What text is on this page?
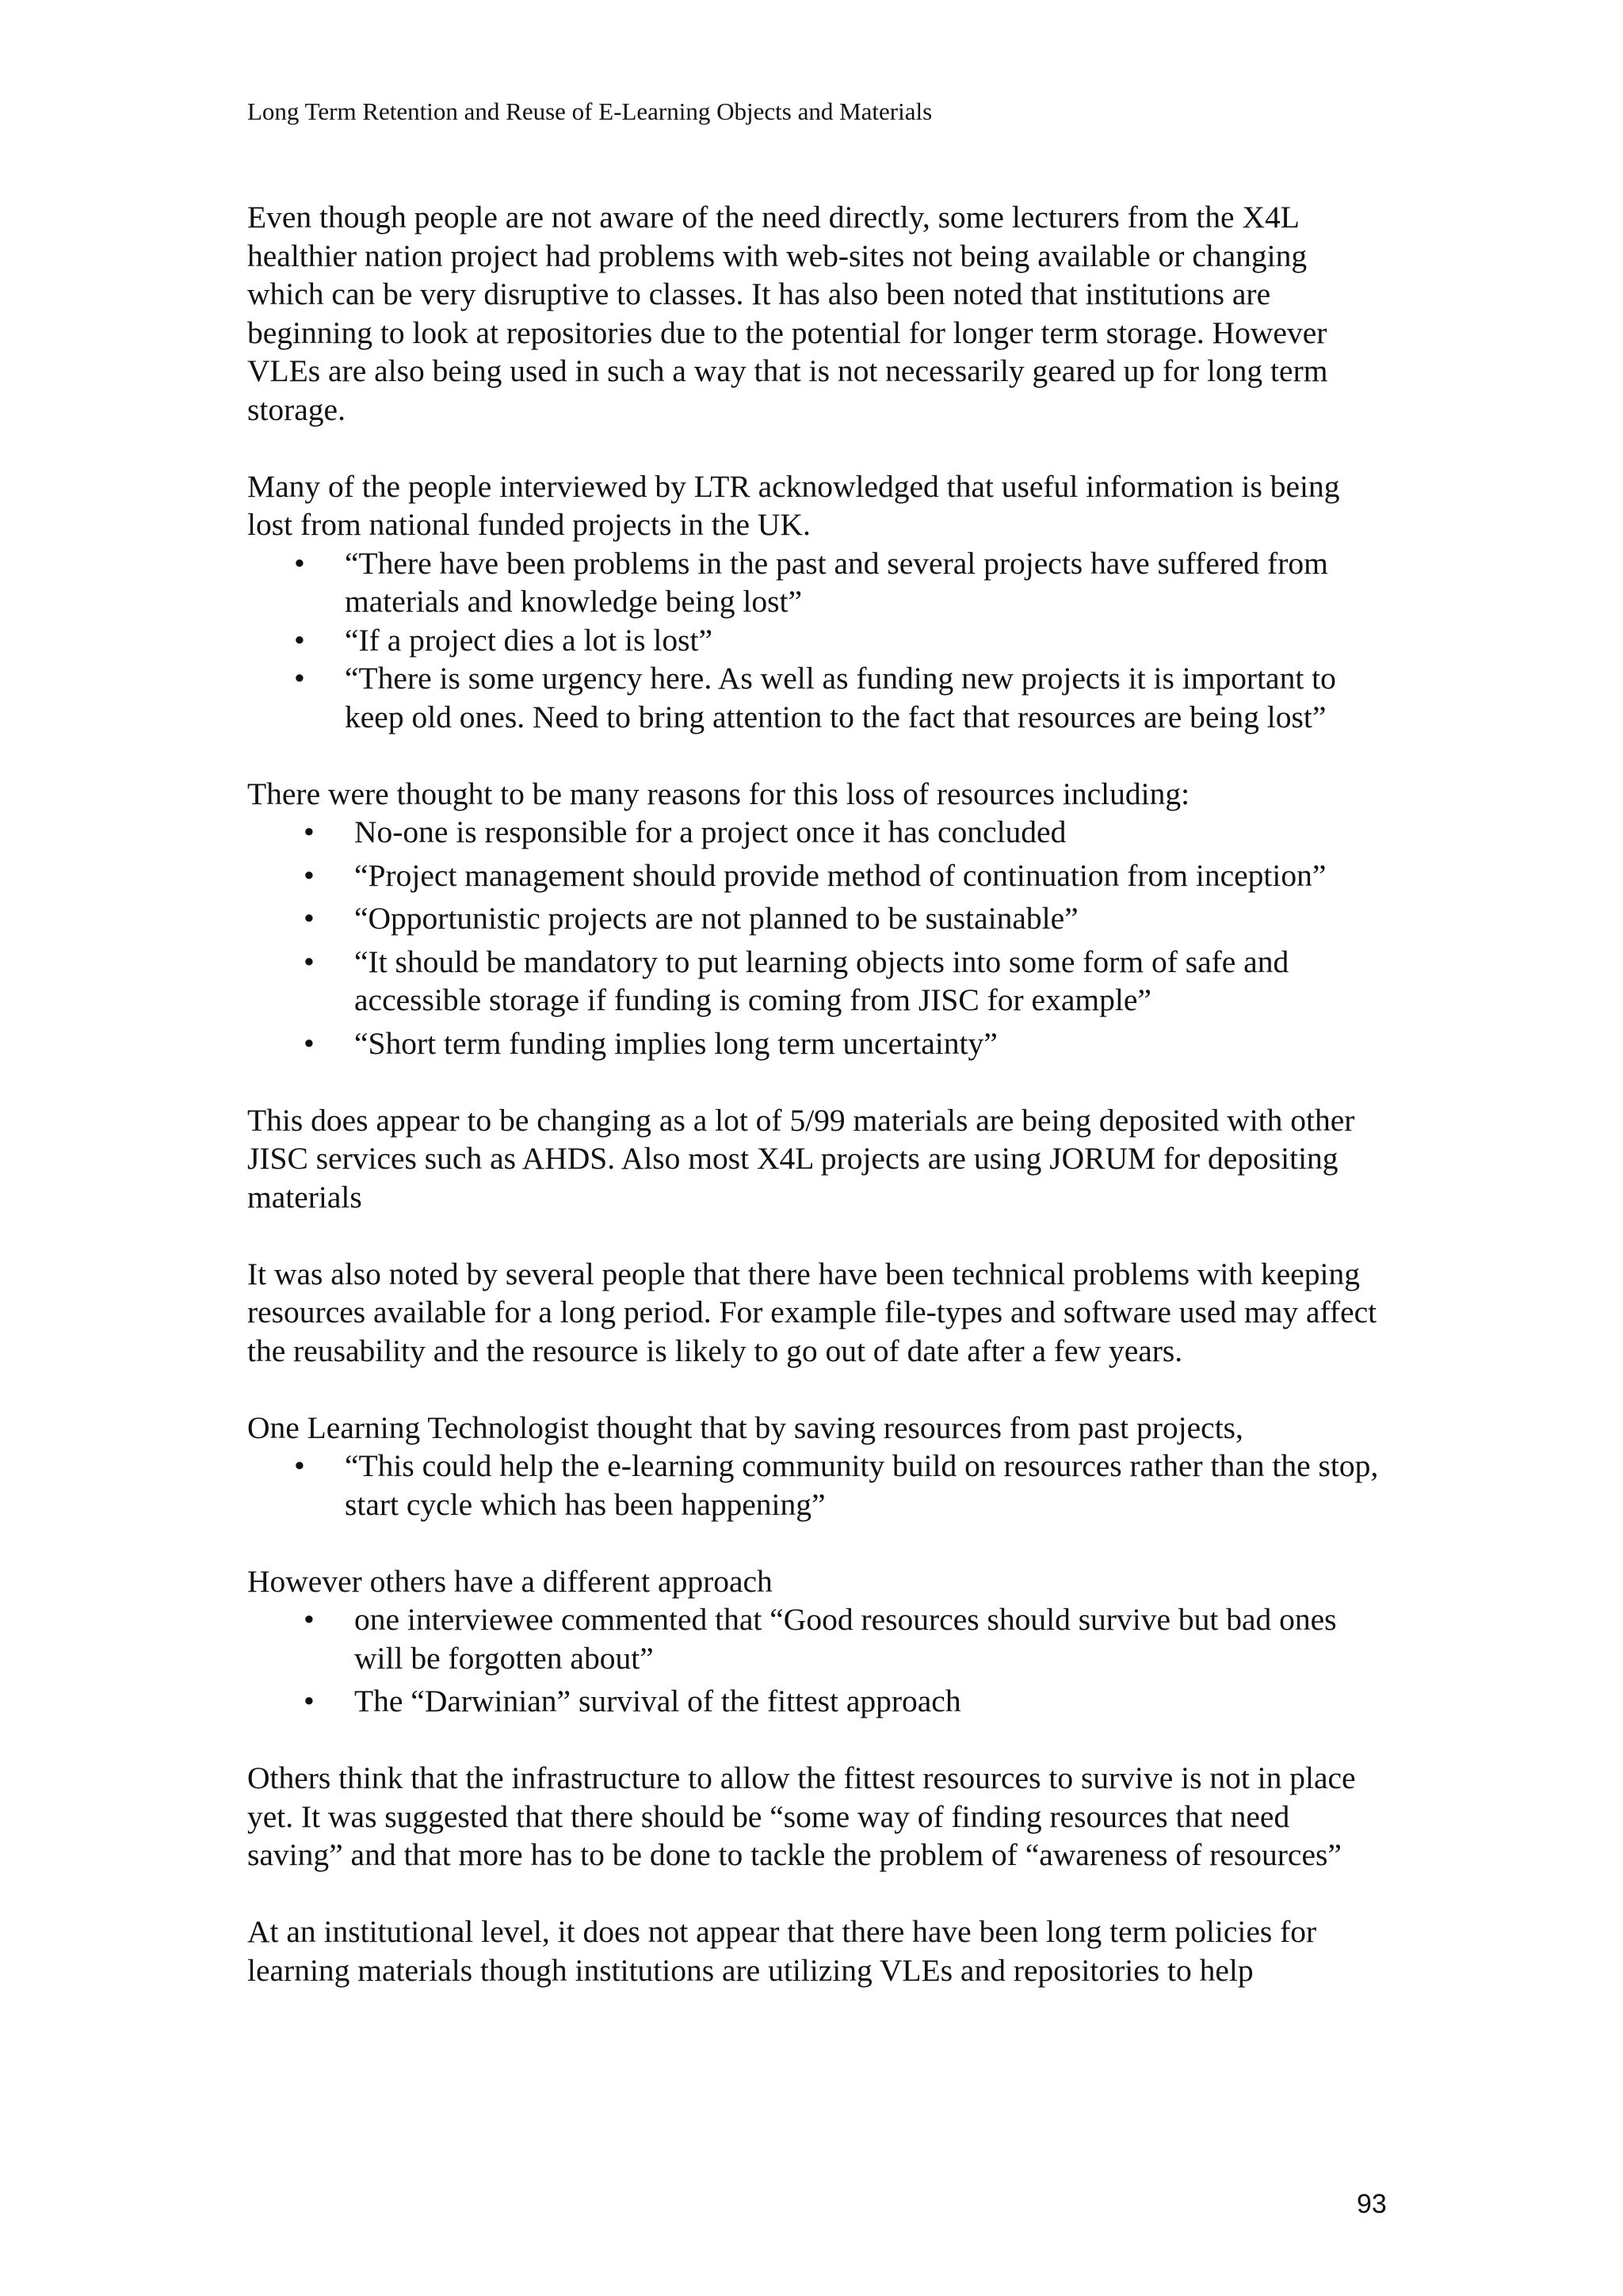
Long Term Retention and Reuse of E-Learning Objects and Materials

Even though people are not aware of the need directly, some lecturers from the X4L healthier nation project had problems with web-sites not being available or changing which can be very disruptive to classes. It has also been noted that institutions are beginning to look at repositories due to the potential for longer term storage. However VLEs are also being used in such a way that is not necessarily geared up for long term storage.

Many of the people interviewed by LTR acknowledged that useful information is being lost from national funded projects in the UK.

• “There have been problems in the past and several projects have suffered from materials and knowledge being lost”
• “If a project dies a lot is lost”
• “There is some urgency here. As well as funding new projects it is important to keep old ones. Need to bring attention to the fact that resources are being lost”

There were thought to be many reasons for this loss of resources including:

• No-one is responsible for a project once it has concluded
• “Project management should provide method of continuation from inception”
• “Opportunistic projects are not planned to be sustainable”
• “It should be mandatory to put learning objects into some form of safe and accessible storage if funding is coming from JISC for example”
• “Short term funding implies long term uncertainty”

This does appear to be changing as a lot of 5/99 materials are being deposited with other JISC services such as AHDS. Also most X4L projects are using JORUM for depositing materials

It was also noted by several people that there have been technical problems with keeping resources available for a long period. For example file-types and software used may affect the reusability and the resource is likely to go out of date after a few years.

One Learning Technologist thought that by saving resources from past projects,

• “This could help the e-learning community build on resources rather than the stop, start cycle which has been happening”

However others have a different approach

• one interviewee commented that “Good resources should survive but bad ones will be forgotten about”
• The “Darwinian” survival of the fittest approach

Others think that the infrastructure to allow the fittest resources to survive is not in place yet. It was suggested that there should be “some way of finding resources that need saving” and that more has to be done to tackle the problem of “awareness of resources”

At an institutional level, it does not appear that there have been long term policies for learning materials though institutions are utilizing VLEs and repositories to help

93
